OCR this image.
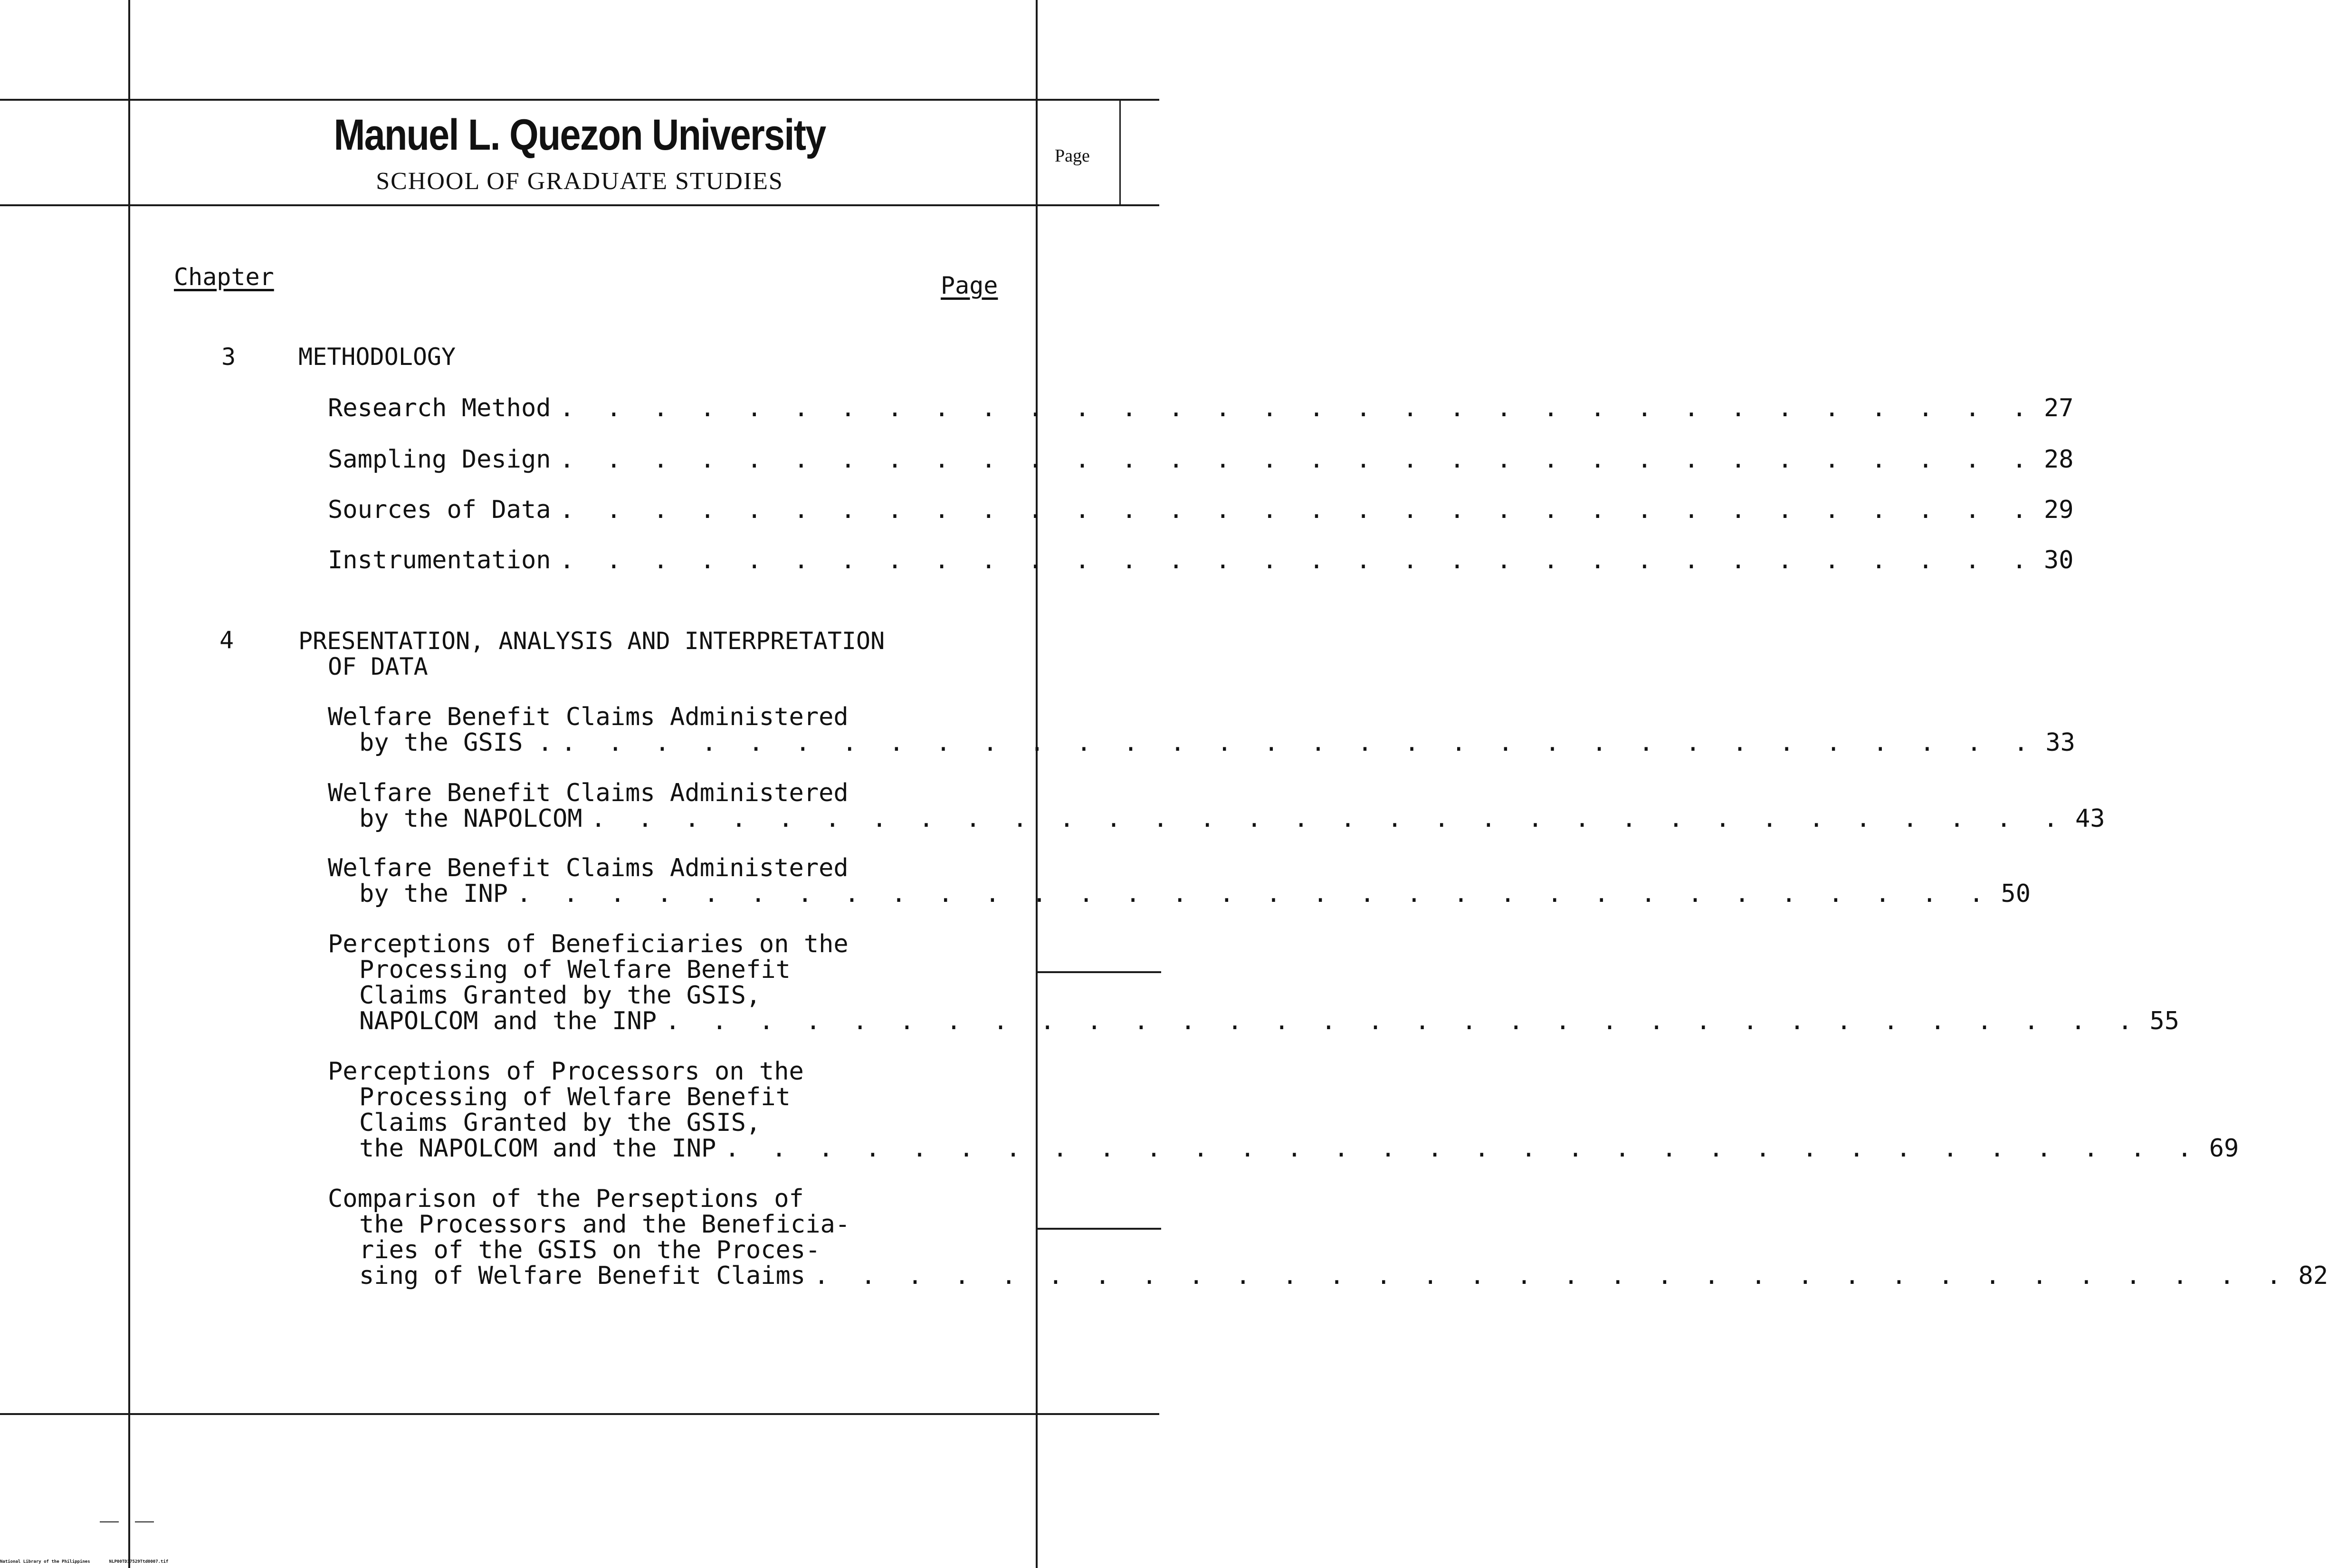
Manuel L. Quezon University
SCHOOL OF GRADUATE STUDIES
Page
Chapter	Page
3	METHODOLOGY
Research Method . . . . . . . . . . . . . . . . . . . . . . . . . . . . . . . . 27
Sampling Design . . . . . . . . . . . . . . . . . . . . . . . . . . . . . . . . 28
Sources of Data . . . . . . . . . . . . . . . . . . . . . . . . . . . . . . . . 29
Instrumentation . . . . . . . . . . . . . . . . . . . . . . . . . . . . . . . . 30
4	PRESENTATION, ANALYSIS AND INTERPRETATION
OF DATA
Welfare Benefit Claims Administered
by the GSIS . . . . . . . . . . . . . . . . . . . . . . . . . . . . . . . . . 33
Welfare Benefit Claims Administered
by the NAPOLCOM . . . . . . . . . . . . . . . . . . . . . . . . . . . . . . . . 43
Welfare Benefit Claims Administered
by the INP . . . . . . . . . . . . . . . . . . . . . . . . . . . . . . . . 50
Perceptions of Beneficiaries on the
Processing of Welfare Benefit
Claims Granted by the GSIS,
NAPOLCOM and the INP . . . . . . . . . . . . . . . . . . . . . . . . . . . . . . . . 55
Perceptions of Processors on the
Processing of Welfare Benefit
Claims Granted by the GSIS,
the NAPOLCOM and the INP . . . . . . . . . . . . . . . . . . . . . . . . . . . . . . . . 69
Comparison of the Perseptions of
the Processors and the Beneficia-
ries of the GSIS on the Proces-
sing of Welfare Benefit Claims . . . . . . . . . . . . . . . . . . . . . . . . . . . . . . . . 82
National Library of the Philippines	NLP00TD37529Ttd0007.tif
